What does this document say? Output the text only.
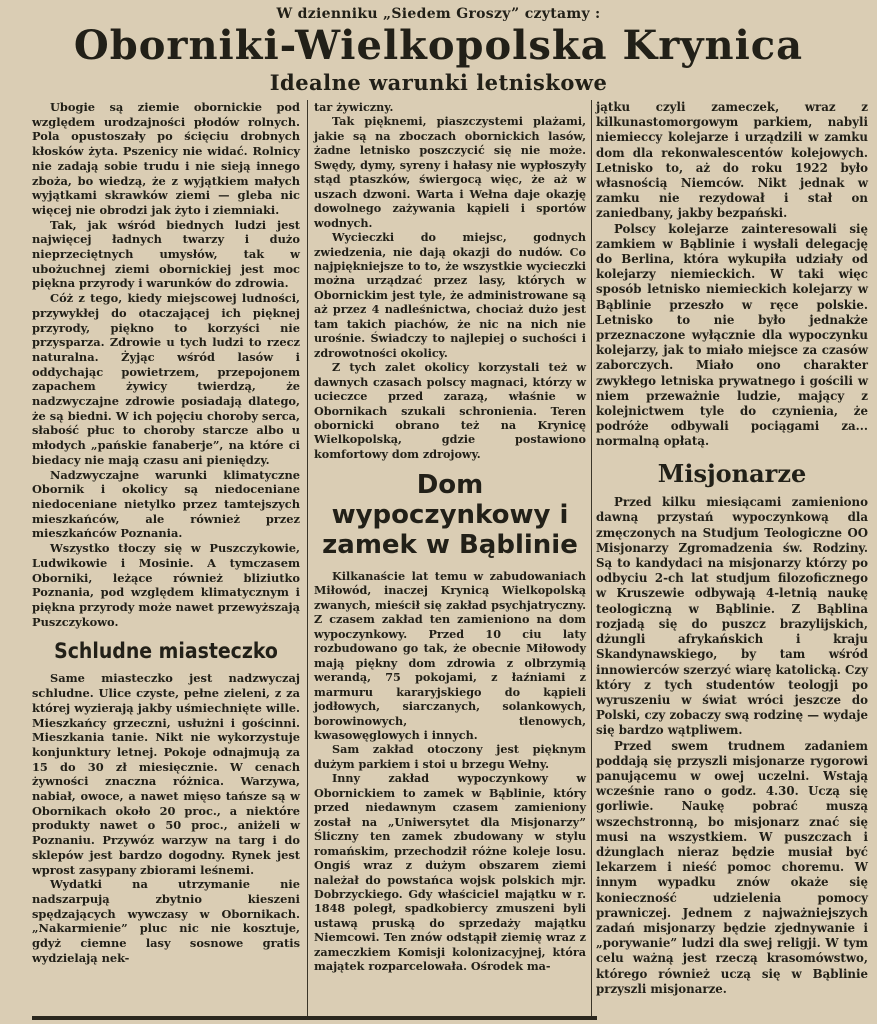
W dzienniku „Siedem Groszy” czytamy :
Oborniki-Wielkopolska Krynica
Idealne warunki letniskowe

Ubogie są ziemie obornickie pod względem urodzajności płodów rolnych. Pola opustoszały po ścięciu drobnych kłosków żyta. Pszenicy nie widać. Rolnicy nie zadają sobie trudu i nie sieją innego zboża, bo wiedzą, że z wyjątkiem małych wyjątkami skrawków ziemi — gleba nic więcej nie obrodzi jak żyto i ziemniaki.

Tak, jak wśród biednych ludzi jest najwięcej ładnych twarzy i dużo nieprzeciętnych umysłów, tak w ubożuchnej ziemi obornickiej jest moc piękna przyrody i warunków do zdrowia.

Cóż z tego, kiedy miejscowej ludności, przywykłej do otaczającej ich pięknej przyrody, piękno to korzyści nie przysparza. Zdrowie u tych ludzi to rzecz naturalna. Żyjąc wśród lasów i oddychając powietrzem, przepojonem zapachem żywicy twierdzą, że nadzwyczajne zdrowie posiadają dlatego, że są biedni. W ich pojęciu choroby serca, słabość płuc to choroby starcze albo u młodych „pańskie fanaberje”, na które ci biedacy nie mają czasu ani pieniędzy.

Nadzwyczajne warunki klimatyczne Obornik i okolicy są niedoceniane niedoceniane nietylko przez tamtejszych mieszkańców, ale również przez mieszkańców Poznania.

Wszystko tłoczy się w Puszczykowie, Ludwikowie i Mosinie. A tymczasem Oborniki, leżące również bliziutko Poznania, pod względem klimatycznym i piękna przyrody może nawet przewyższają Puszczykowo.

Schludne miasteczko

Same miasteczko jest nadzwyczaj schludne. Ulice czyste, pełne zieleni, z za której wyzierają jakby uśmiechnięte wille. Mieszkańcy grzeczni, usłużni i gościnni. Mieszkania tanie. Nikt nie wykorzystuje konjunktury letnej. Pokoje odnajmują za 15 do 30 zł miesięcznie. W cenach żywności znaczna różnica. Warzywa, nabiał, owoce, a nawet mięso tańsze są w Obornikach około 20 proc., a niektóre produkty nawet o 50 proc., aniżeli w Poznaniu. Przywóz warzyw na targ i do sklepów jest bardzo dogodny. Rynek jest wprost zasypany zbiorami leśnemi.

Wydatki na utrzymanie nie nadszarpują zbytnio kieszeni spędzających wywczasy w Obornikach. „Nakarmienie” pluc nic nie kosztuje, gdyż ciemne lasy sosnowe gratis wydzielają nek-

tar żywiczny.

Tak pięknemi, piaszczystemi plażami, jakie są na zboczach obornickich lasów, żadne letnisko poszczycić się nie może. Swędy, dymy, syreny i hałasy nie wypłoszyły stąd ptaszków, świergocą więc, że aż w uszach dzwoni. Warta i Wełna daje okazję dowolnego zażywania kąpieli i sportów wodnych.

Wycieczki do miejsc, godnych zwiedzenia, nie dają okazji do nudów. Co najpiękniejsze to to, że wszystkie wycieczki można urządzać przez lasy, których w Obornickim jest tyle, że administrowane są aż przez 4 nadleśnictwa, chociaż dużo jest tam takich piachów, że nic na nich nie urośnie. Świadczy to najlepiej o suchości i zdrowotności okolicy.

Z tych zalet okolicy korzystali też w dawnych czasach polscy magnaci, którzy w ucieczce przed zarazą, właśnie w Obornikach szukali schronienia. Teren obornicki obrano też na Krynicę Wielkopolską, gdzie postawiono komfortowy dom zdrojowy.

Dom wypoczynkowy i zamek w Bąblinie

Kilkanaście lat temu w zabudowaniach Miłowód, inaczej Krynicą Wielkopolską zwanych, mieścił się zakład psychjatryczny. Z czasem zakład ten zamieniono na dom wypoczynkowy. Przed 10 ciu laty rozbudowano go tak, że obecnie Miłowody mają piękny dom zdrowia z olbrzymią werandą, 75 pokojami, z łaźniami z marmuru kararyjskiego do kąpieli jodłowych, siarczanych, solankowych, borowinowych, tlenowych, kwasowęglowych i innych.

Sam zakład otoczony jest pięknym dużym parkiem i stoi u brzegu Wełny.

Inny zakład wypoczynkowy w Obornickiem to zamek w Bąblinie, który przed niedawnym czasem zamieniony został na „Uniwersytet dla Misjonarzy” Śliczny ten zamek zbudowany w stylu romańskim, przechodził różne koleje losu. Ongiś wraz z dużym obszarem ziemi należał do powstańca wojsk polskich mjr. Dobrzyckiego. Gdy właściciel majątku w r. 1848 poległ, spadkobiercy zmuszeni byli ustawą pruską do sprzedaży majątku Niemcowi. Ten znów odstąpił ziemię wraz z zameczkiem Komisji kolonizacyjnej, która majątek rozparcelowała. Ośrodek ma-

jątku czyli zameczek, wraz z kilkunastomorgowym parkiem, nabyli niemieccy kolejarze i urządzili w zamku dom dla rekonwalescentów kolejowych. Letnisko to, aż do roku 1922 było własnością Niemców. Nikt jednak w zamku nie rezydował i stał on zaniedbany, jakby bezpański.

Polscy kolejarze zainteresowali się zamkiem w Bąblinie i wysłali delegację do Berlina, która wykupiła udziały od kolejarzy niemieckich. W taki więc sposób letnisko niemieckich kolejarzy w Bąblinie przeszło w ręce polskie. Letnisko to nie było jednakże przeznaczone wyłącznie dla wypoczynku kolejarzy, jak to miało miejsce za czasów zaborczych. Miało ono charakter zwykłego letniska prywatnego i gościli w niem przeważnie ludzie, mający z kolejnictwem tyle do czynienia, że podróże odbywali pociągami za... normalną opłatą.

Misjonarze

Przed kilku miesiącami zamieniono dawną przystań wypoczynkową dla zmęczonych na Studjum Teologiczne OO Misjonarzy Zgromadzenia św. Rodziny. Są to kandydaci na misjonarzy którzy po odbyciu 2-ch lat studjum filozoficznego w Kruszewie odbywają 4-letnią naukę teologiczną w Bąblinie. Z Bąblina rozjadą się do puszcz brazylijskich, dżungli afrykańskich i kraju Skandynawskiego, by tam wśród innowierców szerzyć wiarę katolicką. Czy który z tych studentów teologji po wyruszeniu w świat wróci jeszcze do Polski, czy zobaczy swą rodzinę — wydaje się bardzo wątpliwem.

Przed swem trudnem zadaniem poddają się przyszli misjonarze rygorowi panującemu w owej uczelni. Wstają wcześnie rano o godz. 4.30. Uczą się gorliwie. Naukę pobrać muszą wszechstronną, bo misjonarz znać się musi na wszystkiem. W puszczach i dżunglach nieraz będzie musiał być lekarzem i nieść pomoc choremu. W innym wypadku znów okaże się konieczność udzielenia pomocy prawniczej. Jednem z najważniejszych zadań misjonarzy będzie zjednywanie i „porywanie” ludzi dla swej religji. W tym celu ważną jest rzeczą krasomówstwo, którego również uczą się w Bąblinie przyszli misjonarze.
